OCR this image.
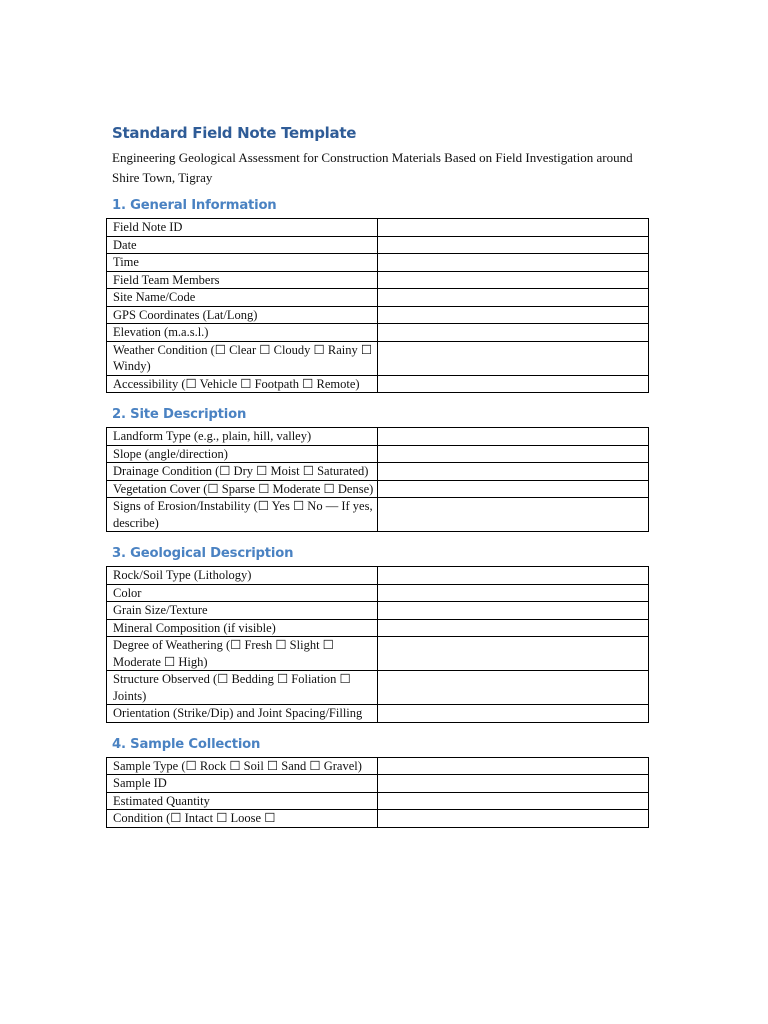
Standard Field Note Template
Engineering Geological Assessment for Construction Materials Based on Field Investigation around Shire Town, Tigray
1. General Information
Field Note ID	
Date	
Time	
Field Team Members	
Site Name/Code	
GPS Coordinates (Lat/Long)	
Elevation (m.a.s.l.)	
Weather Condition (☐ Clear ☐ Cloudy ☐ Rainy ☐ Windy)	
Accessibility (☐ Vehicle ☐ Footpath ☐ Remote)	
2. Site Description
Landform Type (e.g., plain, hill, valley)	
Slope (angle/direction)	
Drainage Condition (☐ Dry ☐ Moist ☐ Saturated)	
Vegetation Cover (☐ Sparse ☐ Moderate ☐ Dense)	
Signs of Erosion/Instability (☐ Yes ☐ No — If yes, describe)	
3. Geological Description
Rock/Soil Type (Lithology)	
Color	
Grain Size/Texture	
Mineral Composition (if visible)	
Degree of Weathering (☐ Fresh ☐ Slight ☐ Moderate ☐ High)	
Structure Observed (☐ Bedding ☐ Foliation ☐ Joints)	
Orientation (Strike/Dip) and Joint Spacing/Filling	
4. Sample Collection
Sample Type (☐ Rock ☐ Soil ☐ Sand ☐ Gravel)	
Sample ID	
Estimated Quantity	
Condition (☐ Intact ☐ Loose ☐	
